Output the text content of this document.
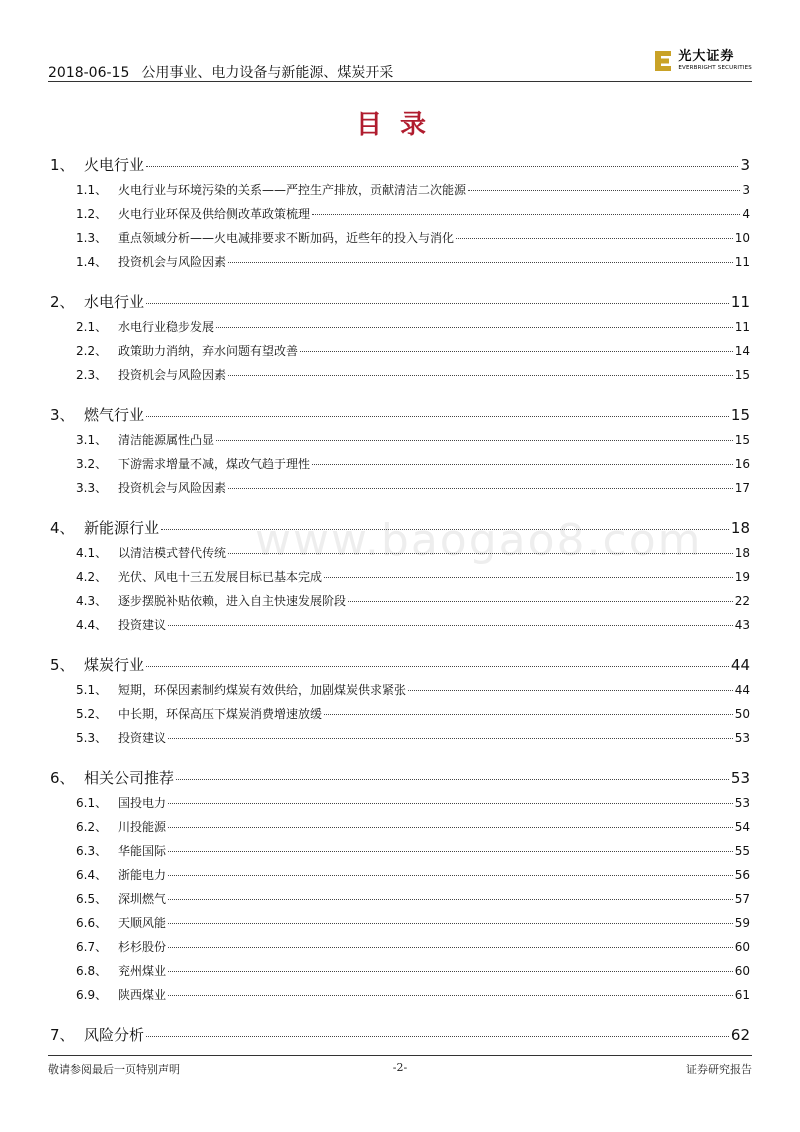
2018-06-15 公用事业、电力设备与新能源、煤炭开采
光大证券
EVERBRIGHT SECURITIES
目录
www.baogao8.com
1、 火电行业	3
1.1、 火电行业与环境污染的关系——严控生产排放，贡献清洁二次能源	3
1.2、 火电行业环保及供给侧改革政策梳理	4
1.3、 重点领域分析——火电减排要求不断加码，近些年的投入与消化	10
1.4、 投资机会与风险因素	11
2、 水电行业	11
2.1、 水电行业稳步发展	11
2.2、 政策助力消纳，弃水问题有望改善	14
2.3、 投资机会与风险因素	15
3、 燃气行业	15
3.1、 清洁能源属性凸显	15
3.2、 下游需求增量不减，煤改气趋于理性	16
3.3、 投资机会与风险因素	17
4、 新能源行业	18
4.1、 以清洁模式替代传统	18
4.2、 光伏、风电十三五发展目标已基本完成	19
4.3、 逐步摆脱补贴依赖，进入自主快速发展阶段	22
4.4、 投资建议	43
5、 煤炭行业	44
5.1、 短期，环保因素制约煤炭有效供给，加剧煤炭供求紧张	44
5.2、 中长期，环保高压下煤炭消费增速放缓	50
5.3、 投资建议	53
6、 相关公司推荐	53
6.1、 国投电力	53
6.2、 川投能源	54
6.3、 华能国际	55
6.4、 浙能电力	56
6.5、 深圳燃气	57
6.6、 天顺风能	59
6.7、 杉杉股份	60
6.8、 兖州煤业	60
6.9、 陕西煤业	61
7、 风险分析	62
敬请参阅最后一页特别声明	-2-	证券研究报告
